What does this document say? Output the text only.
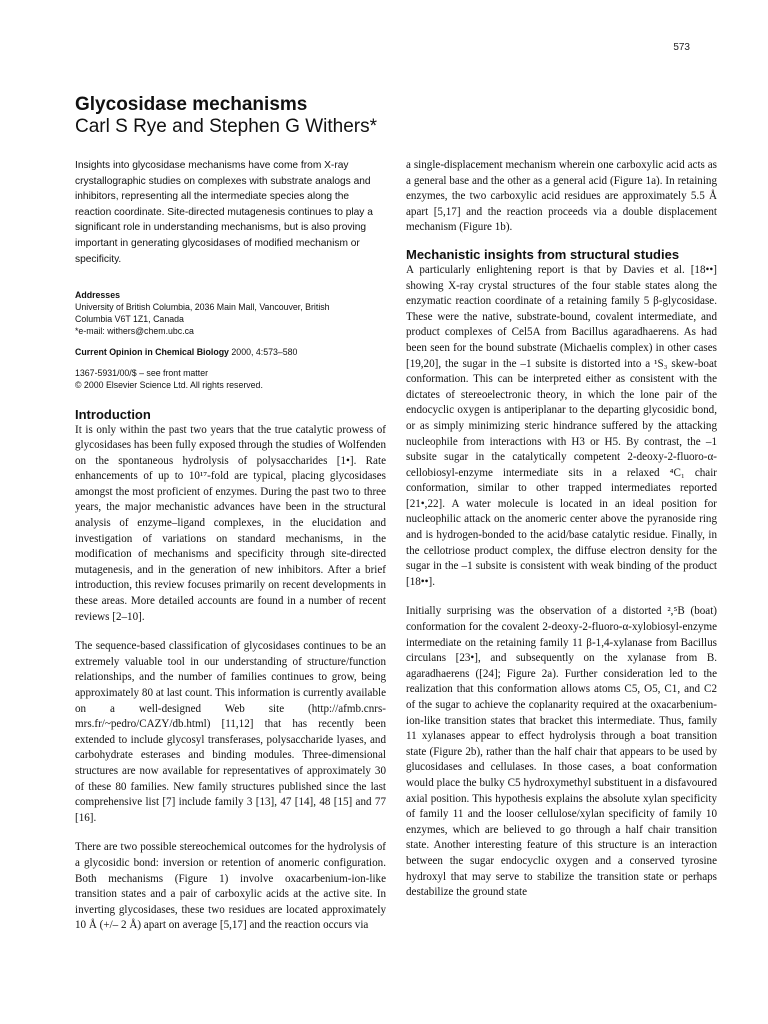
573
Glycosidase mechanisms
Carl S Rye and Stephen G Withers*

Insights into glycosidase mechanisms have come from X-ray crystallographic studies on complexes with substrate analogs and inhibitors, representing all the intermediate species along the reaction coordinate. Site-directed mutagenesis continues to play a significant role in understanding mechanisms, but is also proving important in generating glycosidases of modified mechanism or specificity.

Addresses

University of British Columbia, 2036 Main Mall, Vancouver, British

Columbia V6T 1Z1, Canada

*e-mail: withers@chem.ubc.ca

Current Opinion in Chemical Biology 2000, 4:573–580

1367-5931/00/$ – see front matter

© 2000 Elsevier Science Ltd. All rights reserved.

Introduction

It is only within the past two years that the true catalytic prowess of glycosidases has been fully exposed through the studies of Wolfenden on the spontaneous hydrolysis of polysaccharides [1•]. Rate enhancements of up to 10¹⁷-fold are typical, placing glycosidases amongst the most proficient of enzymes. During the past two to three years, the major mechanistic advances have been in the structural analysis of enzyme–ligand complexes, in the elucidation and investigation of variations on standard mechanisms, in the modification of mechanisms and specificity through site-directed mutagenesis, and in the generation of new inhibitors. After a brief introduction, this review focuses primarily on recent developments in these areas. More detailed accounts are found in a number of recent reviews [2–10].

The sequence-based classification of glycosidases continues to be an extremely valuable tool in our understanding of structure/function relationships, and the number of families continues to grow, being approximately 80 at last count. This information is currently available on a well-designed Web site (http://afmb.cnrs-mrs.fr/~pedro/CAZY/db.html) [11,12] that has recently been extended to include glycosyl transferases, polysaccharide lyases, and carbohydrate esterases and binding modules. Three-dimensional structures are now available for representatives of approximately 30 of these 80 families. New family structures published since the last comprehensive list [7] include family 3 [13], 47 [14], 48 [15] and 77 [16].

There are two possible stereochemical outcomes for the hydrolysis of a glycosidic bond: inversion or retention of anomeric configuration. Both mechanisms (Figure 1) involve oxacarbenium-ion-like transition states and a pair of carboxylic acids at the active site. In inverting glycosidases, these two residues are located approximately 10 Å (+/– 2 Å) apart on average [5,17] and the reaction occurs via

a single-displacement mechanism wherein one carboxylic acid acts as a general base and the other as a general acid (Figure 1a). In retaining enzymes, the two carboxylic acid residues are approximately 5.5 Å apart [5,17] and the reaction proceeds via a double displacement mechanism (Figure 1b).

Mechanistic insights from structural studies

A particularly enlightening report is that by Davies et al. [18••] showing X-ray crystal structures of the four stable states along the enzymatic reaction coordinate of a retaining family 5 β-glycosidase. These were the native, substrate-bound, covalent intermediate, and product complexes of Cel5A from Bacillus agaradhaerens. As had been seen for the bound substrate (Michaelis complex) in other cases [19,20], the sugar in the –1 subsite is distorted into a ¹S₃ skew-boat conformation. This can be interpreted either as consistent with the dictates of stereoelectronic theory, in which the lone pair of the endocyclic oxygen is antiperiplanar to the departing glycosidic bond, or as simply minimizing steric hindrance suffered by the attacking nucleophile from interactions with H3 or H5. By contrast, the –1 subsite sugar in the catalytically competent 2-deoxy-2-fluoro-α-cellobiosyl-enzyme intermediate sits in a relaxed ⁴C₁ chair conformation, similar to other trapped intermediates reported [21•,22]. A water molecule is located in an ideal position for nucleophilic attack on the anomeric center above the pyranoside ring and is hydrogen-bonded to the acid/base catalytic residue. Finally, in the cellotriose product complex, the diffuse electron density for the sugar in the –1 subsite is consistent with weak binding of the product [18••].

Initially surprising was the observation of a distorted ²,⁵B (boat) conformation for the covalent 2-deoxy-2-fluoro-α-xylobiosyl-enzyme intermediate on the retaining family 11 β-1,4-xylanase from Bacillus circulans [23•], and subsequently on the xylanase from B. agaradhaerens ([24]; Figure 2a). Further consideration led to the realization that this conformation allows atoms C5, O5, C1, and C2 of the sugar to achieve the coplanarity required at the oxacarbenium-ion-like transition states that bracket this intermediate. Thus, family 11 xylanases appear to effect hydrolysis through a boat transition state (Figure 2b), rather than the half chair that appears to be used by glucosidases and cellulases. In those cases, a boat conformation would place the bulky C5 hydroxymethyl substituent in a disfavoured axial position. This hypothesis explains the absolute xylan specificity of family 11 and the looser cellulose/xylan specificity of family 10 enzymes, which are believed to go through a half chair transition state. Another interesting feature of this structure is an interaction between the sugar endocyclic oxygen and a conserved tyrosine hydroxyl that may serve to stabilize the transition state or perhaps destabilize the ground state
